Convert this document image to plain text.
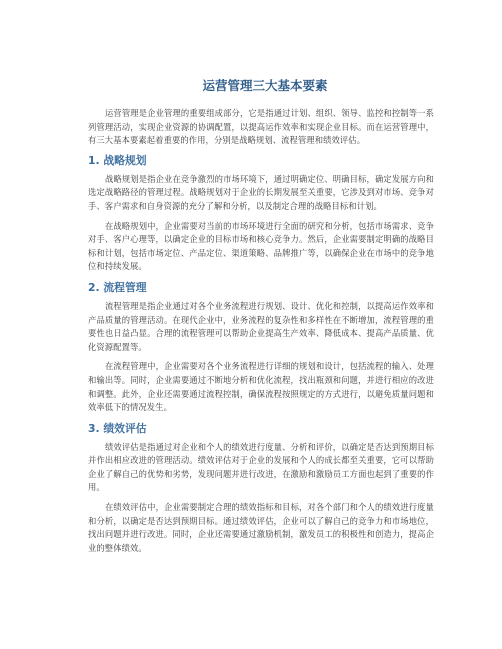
运营管理三大基本要素

运营管理是企业管理的重要组成部分，它是指通过计划、组织、领导、监控和控制等一系列管理活动，实现企业资源的协调配置，以提高运作效率和实现企业目标。而在运营管理中，有三大基本要素起着重要的作用，分别是战略规划、流程管理和绩效评估。

1. 战略规划

战略规划是指企业在竞争激烈的市场环境下，通过明确定位、明确目标，确定发展方向和选定战略路径的管理过程。战略规划对于企业的长期发展至关重要，它涉及到对市场、竞争对手、客户需求和自身资源的充分了解和分析，以及制定合理的战略目标和计划。

在战略规划中，企业需要对当前的市场环境进行全面的研究和分析，包括市场需求、竞争对手、客户心理等，以确定企业的目标市场和核心竞争力。然后，企业需要制定明确的战略目标和计划，包括市场定位、产品定位、渠道策略、品牌推广等，以确保企业在市场中的竞争地位和持续发展。

2. 流程管理

流程管理是指企业通过对各个业务流程进行规划、设计、优化和控制，以提高运作效率和产品质量的管理活动。在现代企业中，业务流程的复杂性和多样性在不断增加，流程管理的重要性也日益凸显。合理的流程管理可以帮助企业提高生产效率、降低成本、提高产品质量、优化资源配置等。

在流程管理中，企业需要对各个业务流程进行详细的规划和设计，包括流程的输入、处理和输出等。同时，企业需要通过不断地分析和优化流程，找出瓶颈和问题，并进行相应的改进和调整。此外，企业还需要通过流程控制，确保流程按照规定的方式进行，以避免质量问题和效率低下的情况发生。

3. 绩效评估

绩效评估是指通过对企业和个人的绩效进行度量、分析和评价，以确定是否达到预期目标并作出相应改进的管理活动。绩效评估对于企业的发展和个人的成长都至关重要，它可以帮助企业了解自己的优势和劣势，发现问题并进行改进，在激励和激励员工方面也起到了重要的作用。

在绩效评估中，企业需要制定合理的绩效指标和目标，对各个部门和个人的绩效进行度量和分析，以确定是否达到预期目标。通过绩效评估，企业可以了解自己的竞争力和市场地位，找出问题并进行改进。同时，企业还需要通过激励机制，激发员工的积极性和创造力，提高企业的整体绩效。
